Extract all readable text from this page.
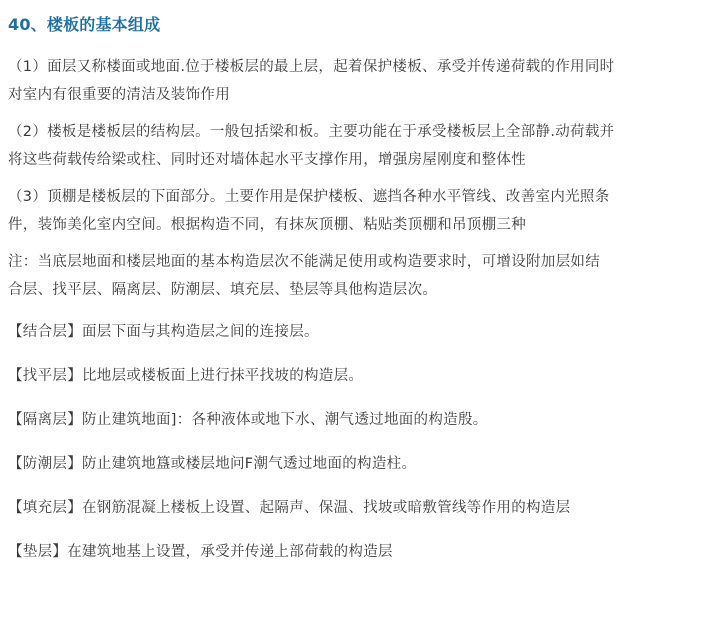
40、楼板的基本组成
（1）面层又称楼面或地面.位于楼板层的最上层，起着保护楼板、承受并传递荷载的作用同时
对室内有很重要的清洁及装饰作用
（2）楼板是楼板层的结构层。一般包括梁和板。主要功能在于承受楼板层上全部静.动荷载并
将这些荷载传给梁或柱、同时还对墙体起水平支撑作用，增强房屋刚度和整体性
（3）顶棚是楼板层的下面部分。土要作用是保护楼板、遮挡各种水平管线、改善室内光照条
件，装饰美化室内空间。根据构造不同，有抹灰顶棚、粘贴类顶棚和吊顶棚三种
注：当底层地面和楼层地面的基本构造层次不能满足使用或构造要求时，可增设附加层如结
合层、找平层、隔离层、防潮层、填充层、垫层等具他构造层次。
【结合层】面层下面与其构造层之间的连接层。
【找平层】比地层或楼板面上进行抹平找坡的构造层。
【隔离层】防止建筑地面]：各种液体或地下水、潮气透过地面的构造殷。
【防潮层】防止建筑地簋或楼层地问F潮气透过地面的构造柱。
【填充层】在钢筋混凝上楼板上设置、起隔声、保温、找坡或暗敷管线等作用的构造层
【垫层】在建筑地基上设置，承受并传递上部荷载的构造层
